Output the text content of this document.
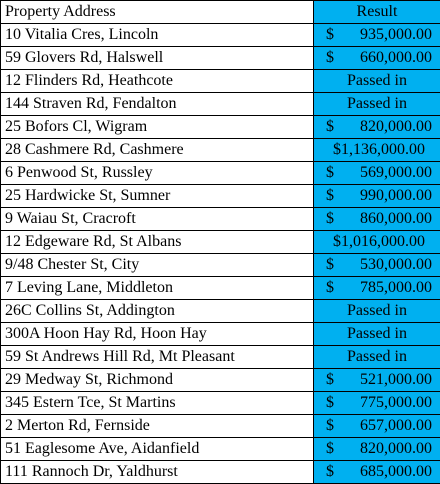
Property Address	Result
10 Vitalia Cres, Lincoln	$ 935,000.00

59 Glovers Rd, Halswell	$ 660,000.00

12 Flinders Rd, Heathcote	Passed in
144 Straven Rd, Fendalton	Passed in
25 Bofors Cl, Wigram	$ 820,000.00

28 Cashmere Rd, Cashmere	$1,136,000.00

6 Penwood St, Russley	$ 569,000.00

25 Hardwicke St, Sumner	$ 990,000.00

9 Waiau St, Cracroft	$ 860,000.00

12 Edgeware Rd, St Albans	$1,016,000.00

9/48 Chester St, City	$ 530,000.00

7 Leving Lane, Middleton	$ 785,000.00

26C Collins St, Addington	Passed in
300A Hoon Hay Rd, Hoon Hay	Passed in
59 St Andrews Hill Rd, Mt Pleasant	Passed in
29 Medway St, Richmond	$ 521,000.00

345 Estern Tce, St Martins	$ 775,000.00

2 Merton Rd, Fernside	$ 657,000.00

51 Eaglesome Ave, Aidanfield	$ 820,000.00

111 Rannoch Dr, Yaldhurst	$ 685,000.00
